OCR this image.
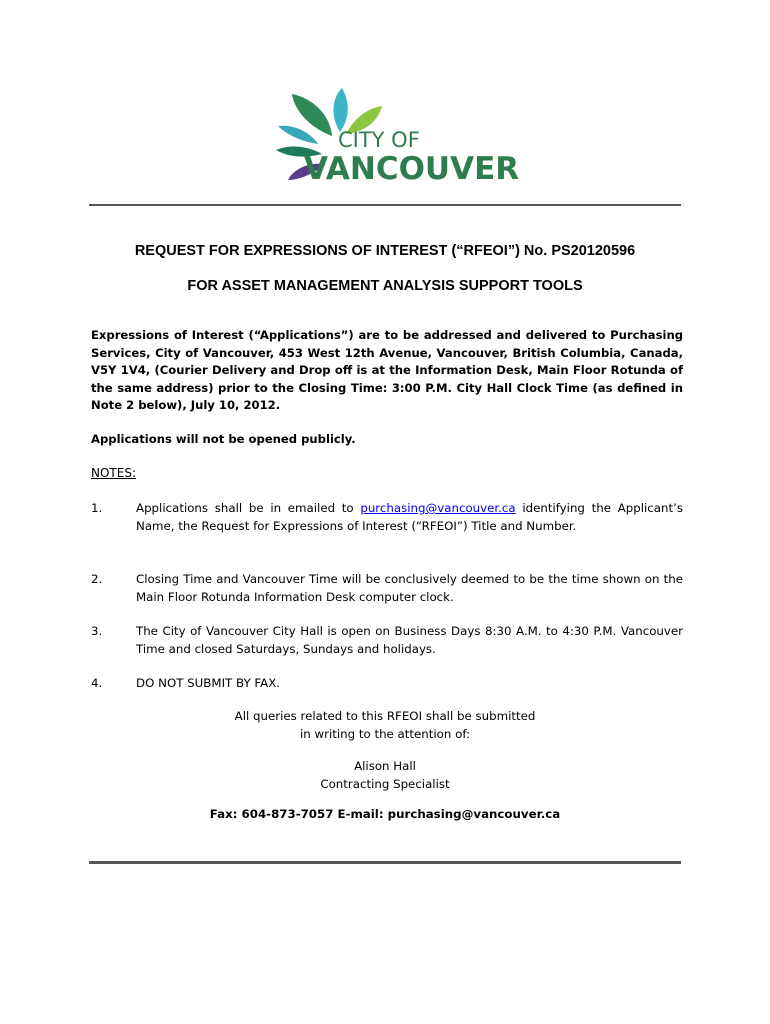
CITY OF
VANCOUVER
REQUEST FOR EXPRESSIONS OF INTEREST (“RFEOI”) No. PS20120596
FOR ASSET MANAGEMENT ANALYSIS SUPPORT TOOLS
Expressions of Interest (“Applications”) are to be addressed and delivered to Purchasing Services, City of Vancouver, 453 West 12th Avenue, Vancouver, British Columbia, Canada, V5Y 1V4, (Courier Delivery and Drop off is at the Information Desk, Main Floor Rotunda of the same address) prior to the Closing Time: 3:00 P.M. City Hall Clock Time (as defined in Note 2 below), July 10, 2012.
Applications will not be opened publicly.
NOTES:
1.	Applications shall be in emailed to purchasing@vancouver.ca identifying the Applicant’s Name, the Request for Expressions of Interest (“RFEOI”) Title and Number.
2.	Closing Time and Vancouver Time will be conclusively deemed to be the time shown on the Main Floor Rotunda Information Desk computer clock.
3.	The City of Vancouver City Hall is open on Business Days 8:30 A.M. to 4:30 P.M. Vancouver Time and closed Saturdays, Sundays and holidays.
4.	DO NOT SUBMIT BY FAX.
All queries related to this RFEOI shall be submitted
in writing to the attention of:
Alison Hall
Contracting Specialist
Fax: 604-873-7057 E-mail: purchasing@vancouver.ca
